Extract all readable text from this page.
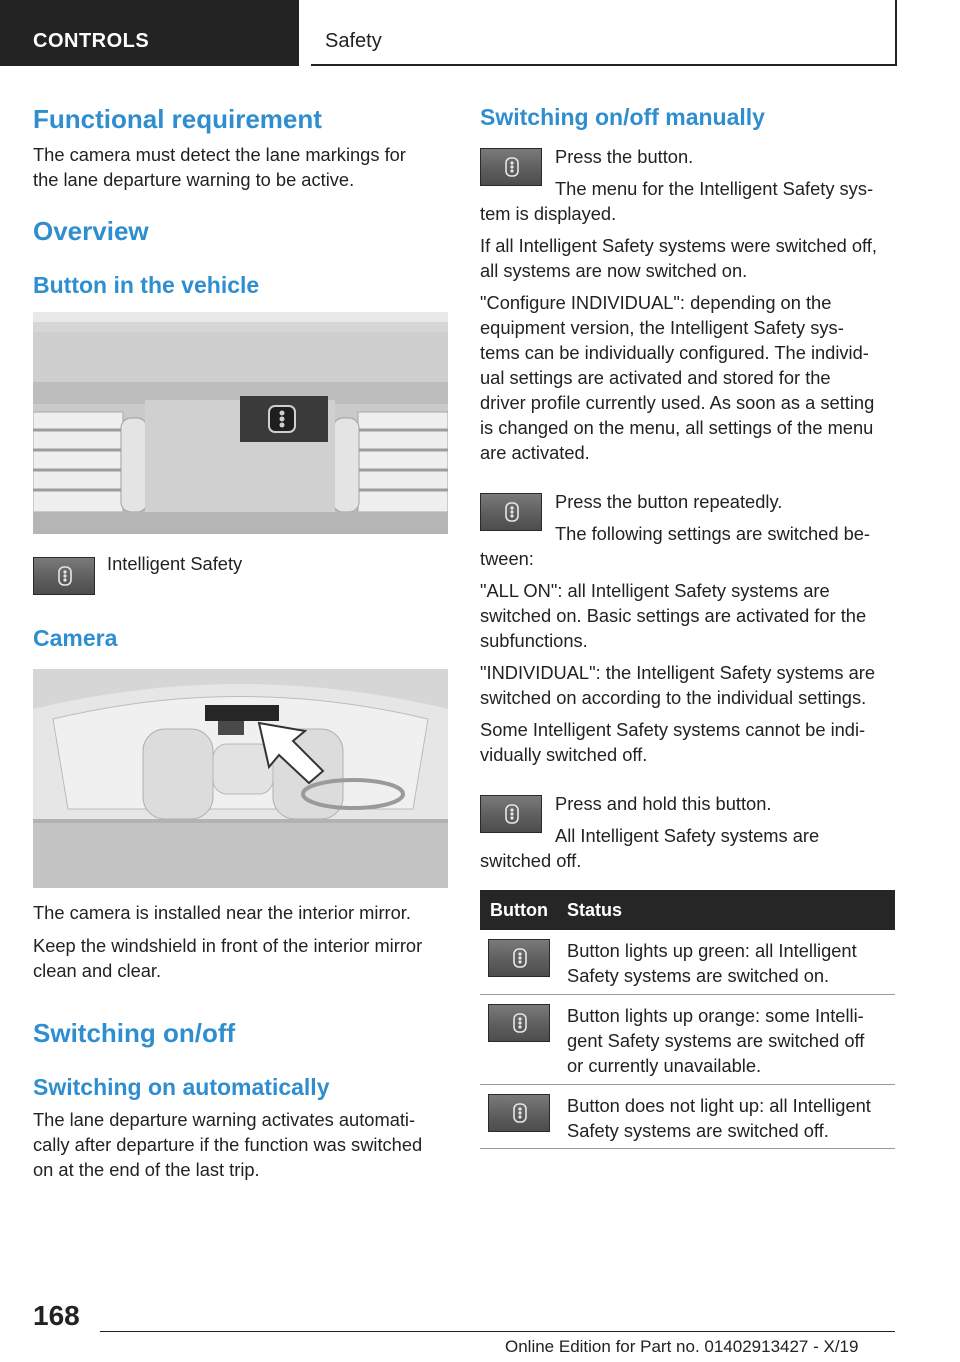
CONTROLS	Safety
Functional requirement
The camera must detect the lane markings for
the lane departure warning to be active.
Overview
Button in the vehicle
Intelligent Safety
Camera
The camera is installed near the interior mirror.
Keep the windshield in front of the interior mirror
clean and clear.
Switching on/off
Switching on automatically
The lane departure warning activates automati-
cally after departure if the function was switched
on at the end of the last trip.
Switching on/off manually
Press the button.
The menu for the Intelligent Safety sys-
tem is displayed.
If all Intelligent Safety systems were switched off,
all systems are now switched on.
"Configure INDIVIDUAL": depending on the
equipment version, the Intelligent Safety sys-
tems can be individually configured. The individ-
ual settings are activated and stored for the
driver profile currently used. As soon as a setting
is changed on the menu, all settings of the menu
are activated.
Press the button repeatedly.
The following settings are switched be-
tween:
"ALL ON": all Intelligent Safety systems are
switched on. Basic settings are activated for the
subfunctions.
"INDIVIDUAL": the Intelligent Safety systems are
switched on according to the individual settings.
Some Intelligent Safety systems cannot be indi-
vidually switched off.
Press and hold this button.
All Intelligent Safety systems are
switched off.
Button Status
Button lights up green: all Intelligent
Safety systems are switched on.
Button lights up orange: some Intelli-
gent Safety systems are switched off
or currently unavailable.
Button does not light up: all Intelligent
Safety systems are switched off.
168
Online Edition for Part no. 01402913427 - X/19
